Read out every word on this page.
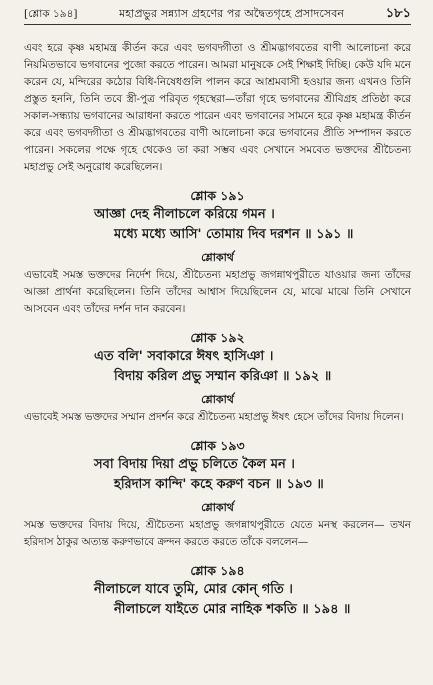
[শ্লোক ১৯৪]	মহাপ্রভুর সন্ন্যাস গ্রহণের পর অদ্বৈতগৃহে প্রসাদসেবন	১৮১

এবং হরে কৃষ্ণ মহামন্ত্র কীর্তন করে এবং ভগবদ্গীতা ও শ্রীমদ্ভাগবতের বাণী আলোচনা করে নিয়মিতভাবে ভগবানের পুজো করতে পারেন। আমরা মানুষকে সেই শিক্ষাই দিচ্ছি। কেউ যদি মনে করেন যে, মন্দিরের কঠোর বিধি-নিষেধগুলি পালন করে আশ্রমবাসী হওয়ার জন্য এখনও তিনি প্রস্তুত হননি, তিনি তবে স্ত্রী-পুত্র পরিবৃত গৃহস্থেরা—তাঁরা গৃহে ভগবানের শ্রীবিগ্রহ প্রতিষ্ঠা করে সকাল-সন্ধ্যায় ভগবানের আরাধনা করতে পারেন এবং ভগবানের সামনে হরে কৃষ্ণ মহামন্ত্র কীর্তন করে এবং ভগবদ্গীতা ও শ্রীমদ্ভাগবতের বাণী আলোচনা করে ভগবানের প্রীতি সম্পাদন করতে পারেন। সকলের পক্ষে গৃহে থেকেও তা করা সম্ভব এবং সেখানে সমবেত ভক্তদের শ্রীচৈতন্য মহাপ্রভু সেই অনুরোধ করেছিলেন।

শ্লোক ১৯১
আজ্ঞা দেহ নীলাচলে করিয়ে গমন ।
মধ্যে মধ্যে আসি' তোমায় দিব দরশন ॥ ১৯১ ॥
শ্লোকার্থ

এভাবেই সমস্ত ভক্তদের নির্দেশ দিয়ে, শ্রীচৈতন্য মহাপ্রভু জগন্নাথপুরীতে যাওয়ার জন্য তাঁদের আজ্ঞা প্রার্থনা করেছিলেন। তিনি তাঁদের আশ্বাস দিয়েছিলেন যে, মাঝে মাঝে তিনি সেখানে আসবেন এবং তাঁদের দর্শন দান করবেন।

শ্লোক ১৯২
এত বলি' সবাকারে ঈষৎ হাসিঞা ।
বিদায় করিল প্রভু সম্মান করিঞা ॥ ১৯২ ॥
শ্লোকার্থ

এভাবেই সমস্ত ভক্তদের সম্মান প্রদর্শন করে শ্রীচৈতন্য মহাপ্রভু ঈষৎ হেসে তাঁদের বিদায় দিলেন।

শ্লোক ১৯৩
সবা বিদায় দিয়া প্রভু চলিতে কৈল মন ।
হরিদাস কান্দি' কহে করুণ বচন ॥ ১৯৩ ॥
শ্লোকার্থ

সমস্ত ভক্তদের বিদায় দিয়ে, শ্রীচৈতন্য মহাপ্রভু জগন্নাথপুরীতে যেতে মনস্থ করলেন— তখন হরিদাস ঠাকুর অত্যন্ত করুণভাবে ক্রন্দন করতে করতে তাঁকে বললেন—

শ্লোক ১৯৪
নীলাচলে যাবে তুমি, মোর কোন্ গতি ।
নীলাচলে যাইতে মোর নাহিক শকতি ॥ ১৯৪ ॥
